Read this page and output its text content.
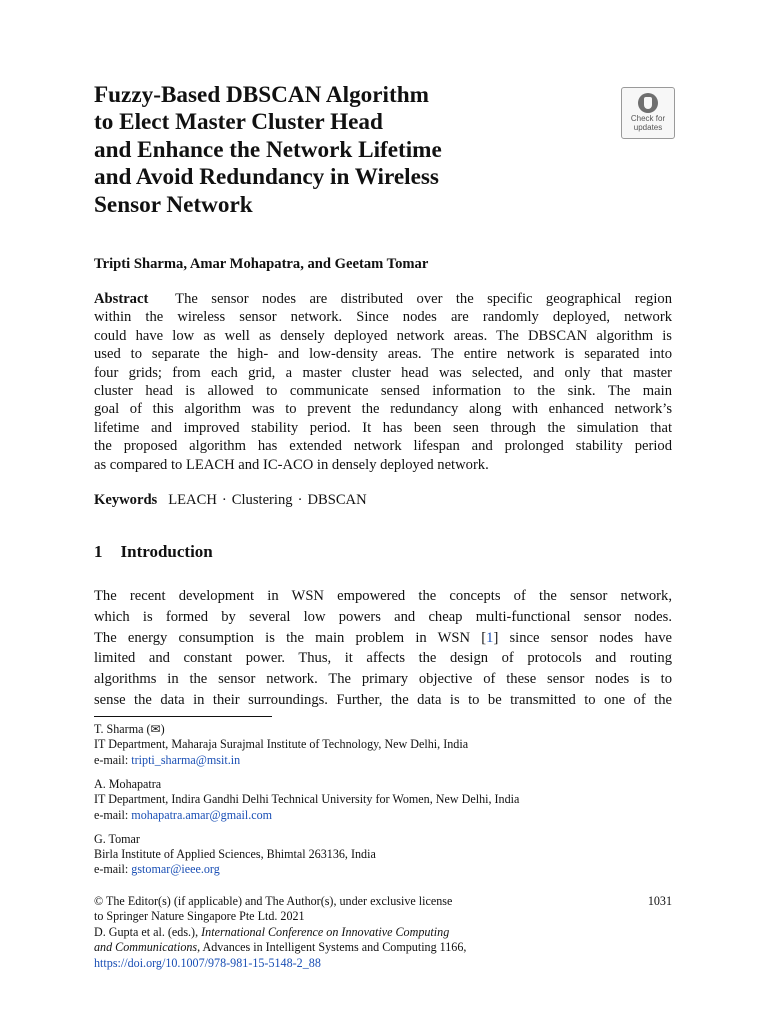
Fuzzy-Based DBSCAN Algorithm
to Elect Master Cluster Head
and Enhance the Network Lifetime
and Avoid Redundancy in Wireless
Sensor Network
Check for
updates
Tripti Sharma, Amar Mohapatra, and Geetam Tomar
Abstract The sensor nodes are distributed over the specific geographical region
within the wireless sensor network. Since nodes are randomly deployed, network
could have low as well as densely deployed network areas. The DBSCAN algorithm is
used to separate the high- and low-density areas. The entire network is separated into
four grids; from each grid, a master cluster head was selected, and only that master
cluster head is allowed to communicate sensed information to the sink. The main
goal of this algorithm was to prevent the redundancy along with enhanced network’s
lifetime and improved stability period. It has been seen through the simulation that
the proposed algorithm has extended network lifespan and prolonged stability period
as compared to LEACH and IC-ACO in densely deployed network.
Keywords LEACH · Clustering · DBSCAN
1 Introduction
The recent development in WSN empowered the concepts of the sensor network,
which is formed by several low powers and cheap multi-functional sensor nodes.
The energy consumption is the main problem in WSN [1] since sensor nodes have
limited and constant power. Thus, it affects the design of protocols and routing
algorithms in the sensor network. The primary objective of these sensor nodes is to
sense the data in their surroundings. Further, the data is to be transmitted to one of the
T. Sharma (✉)
IT Department, Maharaja Surajmal Institute of Technology, New Delhi, India
e-mail: tripti_sharma@msit.in
A. Mohapatra
IT Department, Indira Gandhi Delhi Technical University for Women, New Delhi, India
e-mail: mohapatra.amar@gmail.com
G. Tomar
Birla Institute of Applied Sciences, Bhimtal 263136, India
e-mail: gstomar@ieee.org
1031
© The Editor(s) (if applicable) and The Author(s), under exclusive license
to Springer Nature Singapore Pte Ltd. 2021
D. Gupta et al. (eds.), International Conference on Innovative Computing
and Communications, Advances in Intelligent Systems and Computing 1166,
https://doi.org/10.1007/978-981-15-5148-2_88
